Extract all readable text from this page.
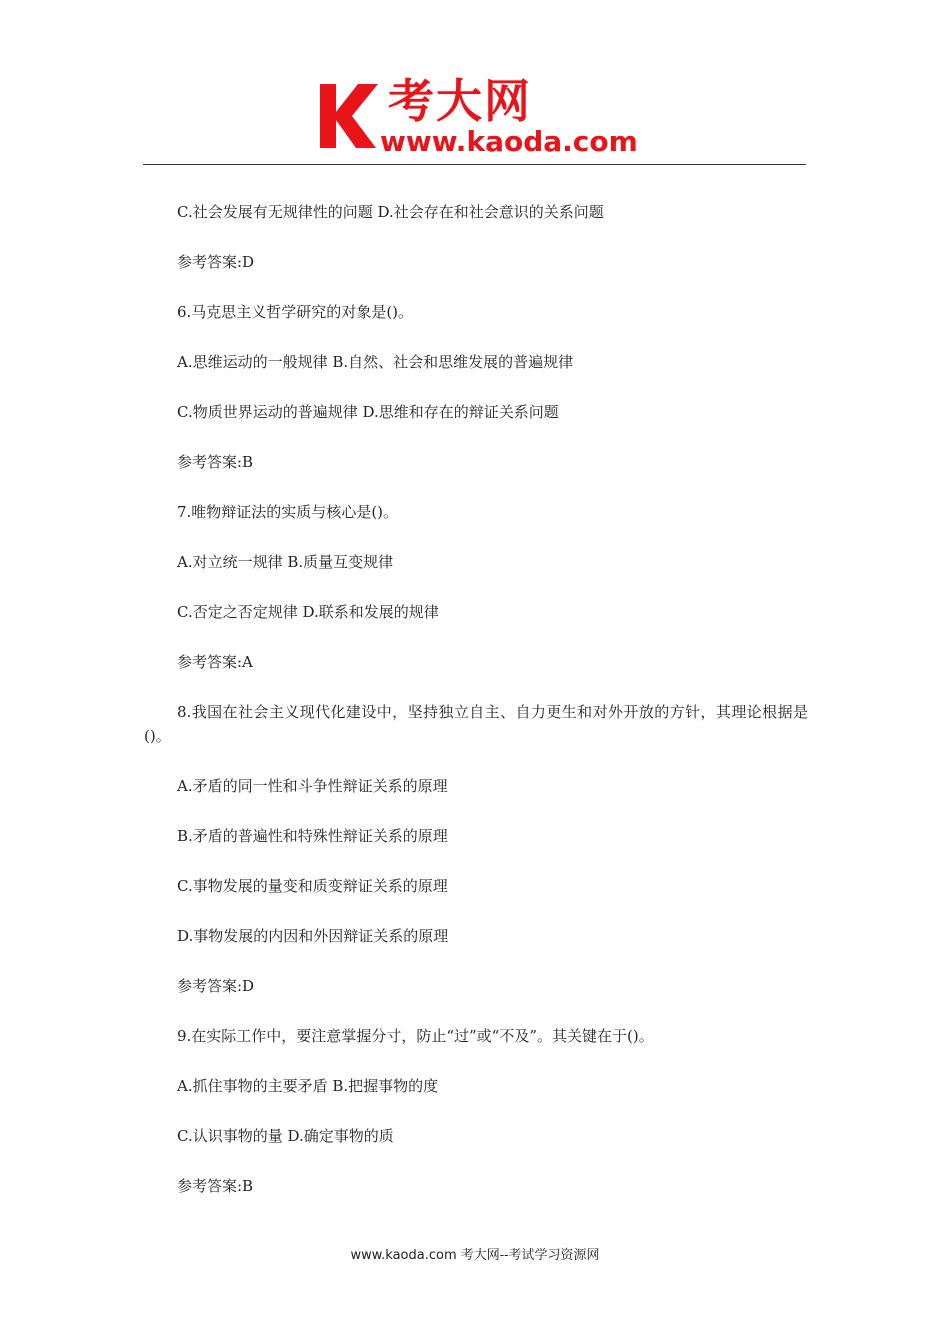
考大网
www.kaoda.com

C.社会发展有无规律性的问题 D.社会存在和社会意识的关系问题

参考答案:D

6.马克思主义哲学研究的对象是()。

A.思维运动的一般规律 B.自然、社会和思维发展的普遍规律

C.物质世界运动的普遍规律 D.思维和存在的辩证关系问题

参考答案:B

7.唯物辩证法的实质与核心是()。

A.对立统一规律 B.质量互变规律

C.否定之否定规律 D.联系和发展的规律

参考答案:A

8.我国在社会主义现代化建设中，坚持独立自主、自力更生和对外开放的方针，其理论根据是()。

A.矛盾的同一性和斗争性辩证关系的原理

B.矛盾的普遍性和特殊性辩证关系的原理

C.事物发展的量变和质变辩证关系的原理

D.事物发展的内因和外因辩证关系的原理

参考答案:D

9.在实际工作中，要注意掌握分寸，防止“过”或“不及”。其关键在于()。

A.抓住事物的主要矛盾 B.把握事物的度

C.认识事物的量 D.确定事物的质

参考答案:B

www.kaoda.com 考大网--考试学习资源网
